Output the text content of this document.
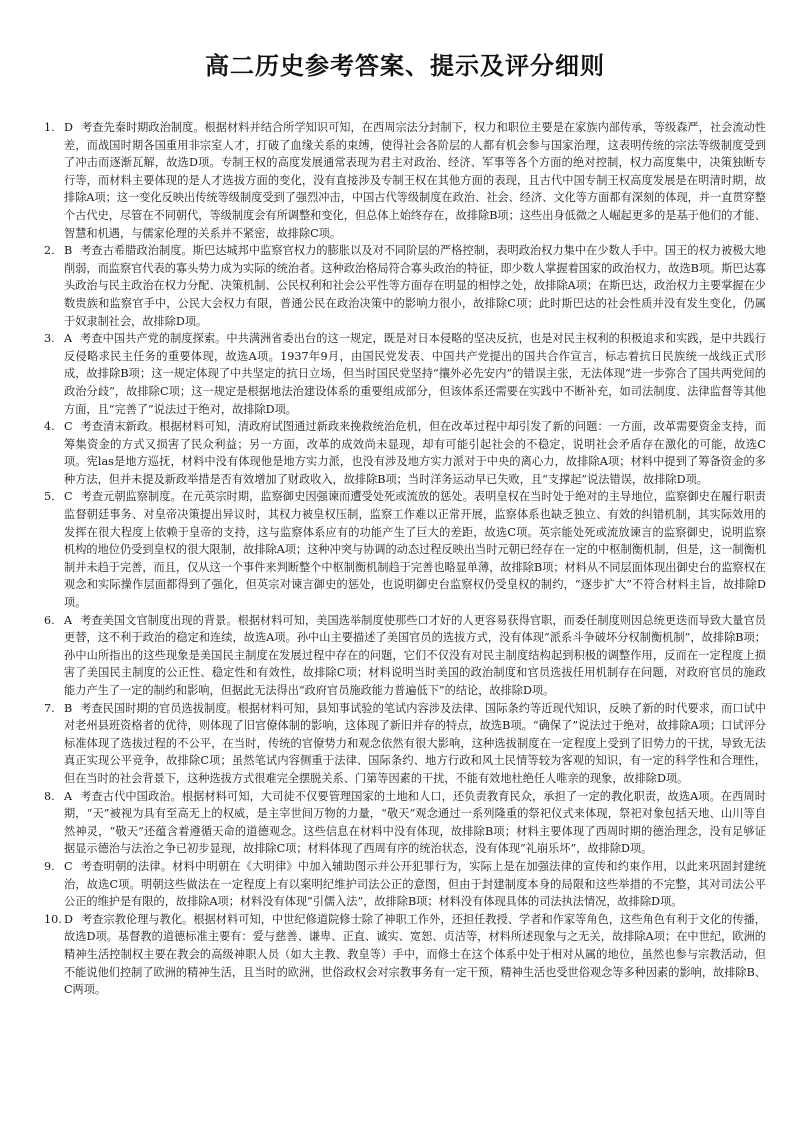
高二历史参考答案、提示及评分细则
1. D 考查先秦时期政治制度。根据材料并结合所学知识可知，在西周宗法分封制下，权力和职位主要是在家族内部传承，等级森严，社会流动性差，而战国时期各国重用非宗室人才，打破了血缘关系的束缚，使得社会各阶层的人都有机会参与国家治理，这表明传统的宗法等级制度受到了冲击而逐渐瓦解，故选D项。专制王权的高度发展通常表现为君主对政治、经济、军事等各个方面的绝对控制，权力高度集中，决策独断专行等，而材料主要体现的是人才选拔方面的变化，没有直接涉及专制王权在其他方面的表现，且古代中国专制王权高度发展是在明清时期，故排除A项；这一变化反映出传统等级制度受到了强烈冲击，中国古代等级制度在政治、社会、经济、文化等方面都有深刻的体现，并一直贯穿整个古代史，尽管在不同朝代，等级制度会有所调整和变化，但总体上始终存在，故排除B项；这些出身低微之人崛起更多的是基于他们的才能、智慧和机遇，与儒家伦理的关系并不紧密，故排除C项。
2. B 考查古希腊政治制度。斯巴达城邦中监察官权力的膨胀以及对不同阶层的严格控制，表明政治权力集中在少数人手中。国王的权力被极大地削弱，而监察官代表的寡头势力成为实际的统治者。这种政治格局符合寡头政治的特征，即少数人掌握着国家的政治权力，故选B项。斯巴达寡头政治与民主政治在权力分配、决策机制、公民权利和社会公平性等方面存在明显的相悖之处，故排除A项；在斯巴达，政治权力主要掌握在少数贵族和监察官手中，公民大会权力有限，普通公民在政治决策中的影响力很小，故排除C项；此时斯巴达的社会性质并没有发生变化，仍属于奴隶制社会，故排除D项。
3. A 考查中国共产党的制度探索。中共满洲省委出台的这一规定，既是对日本侵略的坚决反抗，也是对民主权利的积极追求和实践，是中共践行反侵略求民主任务的重要体现，故选A项。1937年9月，由国民党发表、中国共产党提出的国共合作宣言，标志着抗日民族统一战线正式形成，故排除B项；这一规定体现了中共坚定的抗日立场，但当时国民党坚持“攘外必先安内”的错误主张，无法体现“进一步弥合了国共两党间的政治分歧”，故排除C项；这一规定是根据地法治建设体系的重要组成部分，但该体系还需要在实践中不断补充，如司法制度、法律监督等其他方面，且“完善了”说法过于绝对，故排除D项。
4. C 考查清末新政。根据材料可知，清政府试图通过新政来挽救统治危机，但在改革过程中却引发了新的问题：一方面，改革需要资金支持，而筹集资金的方式又损害了民众利益；另一方面，改革的成效尚未显现，却有可能引起社会的不稳定，说明社会矛盾存在激化的可能，故选C项。宪las是地方巡抚，材料中没有体现他是地方实力派，也没有涉及地方实力派对于中央的离心力，故排除A项；材料中提到了筹备资金的多种方法，但并未提及新政举措是否有效增加了财政收入，故排除B项；当时洋务运动早已失败，且“支撑起”说法错误，故排除D项。
5. C 考查元朝监察制度。在元英宗时期，监察御史因强谏而遭受处死或流放的惩处。表明皇权在当时处于绝对的主导地位，监察御史在履行职责监督朝廷事务、对皇帝决策提出异议时，其权力被皇权压制，监察工作难以正常开展，监察体系也缺乏独立、有效的纠错机制，其实际效用的发挥在很大程度上依赖于皇帝的支持，这与监察体系应有的功能产生了巨大的差距，故选C项。英宗能处死或流放谏言的监察御史，说明监察机构的地位仍受到皇权的很大限制，故排除A项；这种冲突与协调的动态过程反映出当时元朝已经存在一定的中枢制衡机制，但是，这一制衡机制并未趋于完善，而且，仅从这一个事件来判断整个中枢制衡机制趋于完善也略显单薄，故排除B项；材料从不同层面体现出御史台的监察权在观念和实际操作层面都得到了强化，但英宗对谏言御史的惩处，也说明御史台监察权仍受皇权的制约，“逐步扩大”不符合材料主旨，故排除D项。
6. A 考查美国文官制度出现的背景。根据材料可知，美国选举制度使那些口才好的人更容易获得官职，而委任制度则因总统更迭而导致大量官员更替，这不利于政治的稳定和连续，故选A项。孙中山主要描述了美国官员的选拔方式，没有体现“派系斗争破坏分权制衡机制”，故排除B项；孙中山所指出的这些现象是美国民主制度在发展过程中存在的问题，它们不仅没有对民主制度结构起到积极的调整作用，反而在一定程度上损害了美国民主制度的公正性、稳定性和有效性，故排除C项；材料说明当时美国的政治制度和官员选拔任用机制存在问题，对政府官员的施政能力产生了一定的制约和影响，但据此无法得出“政府官员施政能力普遍低下”的结论，故排除D项。
7. B 考查民国时期的官员选拔制度。根据材料可知，县知事试验的笔试内容涉及法律、国际条约等近现代知识，反映了新的时代要求，而口试中对老州县班资格者的优待，则体现了旧官僚体制的影响，这体现了新旧并存的特点，故选B项。“确保了”说法过于绝对，故排除A项；口试评分标准体现了选拔过程的不公平，在当时，传统的官僚势力和观念依然有很大影响，这种选拔制度在一定程度上受到了旧势力的干扰，导致无法真正实现公平竞争，故排除C项；虽然笔试内容侧重于法律、国际条约、地方行政和风土民情等较为客观的知识，有一定的科学性和合理性，但在当时的社会背景下，这种选拔方式很难完全摆脱关系、门第等因素的干扰，不能有效地杜绝任人唯亲的现象，故排除D项。
8. A 考查古代中国政治。根据材料可知，大司徒不仅要管理国家的土地和人口，还负责教育民众，承担了一定的教化职责，故选A项。在西周时期，“天”被视为具有至高无上的权威，是主宰世间万物的力量，“敬天”观念通过一系列隆重的祭祀仪式来体现，祭祀对象包括天地、山川等自然神灵，“敬天”还蕴含着遵循天命的道德观念。这些信息在材料中没有体现，故排除B项；材料主要体现了西周时期的德治理念，没有足够证据显示德治与法治之争已初步显现，故排除C项；材料体现了西周有序的统治状态，没有体现“礼崩乐坏”，故排除D项。
9. C 考查明朝的法律。材料中明朝在《大明律》中加入辅助图示并公开犯罪行为，实际上是在加强法律的宣传和约束作用，以此来巩固封建统治，故选C项。明朝这些做法在一定程度上有以案明纪维护司法公正的意图，但由于封建制度本身的局限和这些举措的不完整，其对司法公平公正的维护是有限的，故排除A项；材料没有体现“引儒入法”，故排除B项；材料没有体现具体的司法执法情况，故排除D项。
10. D 考查宗教伦理与教化。根据材料可知，中世纪修道院修士除了神职工作外，还担任教授、学者和作家等角色，这些角色有利于文化的传播，故选D项。基督教的道德标准主要有：爱与慈善、谦卑、正直、诚实、宽恕、贞洁等，材料所述现象与之无关，故排除A项；在中世纪，欧洲的精神生活控制权主要在教会的高级神职人员（如大主教、教皇等）手中，而修士在这个体系中处于相对从属的地位，虽然也参与宗教活动，但不能说他们控制了欧洲的精神生活，且当时的欧洲，世俗政权会对宗教事务有一定干预，精神生活也受世俗观念等多种因素的影响，故排除B、C两项。
